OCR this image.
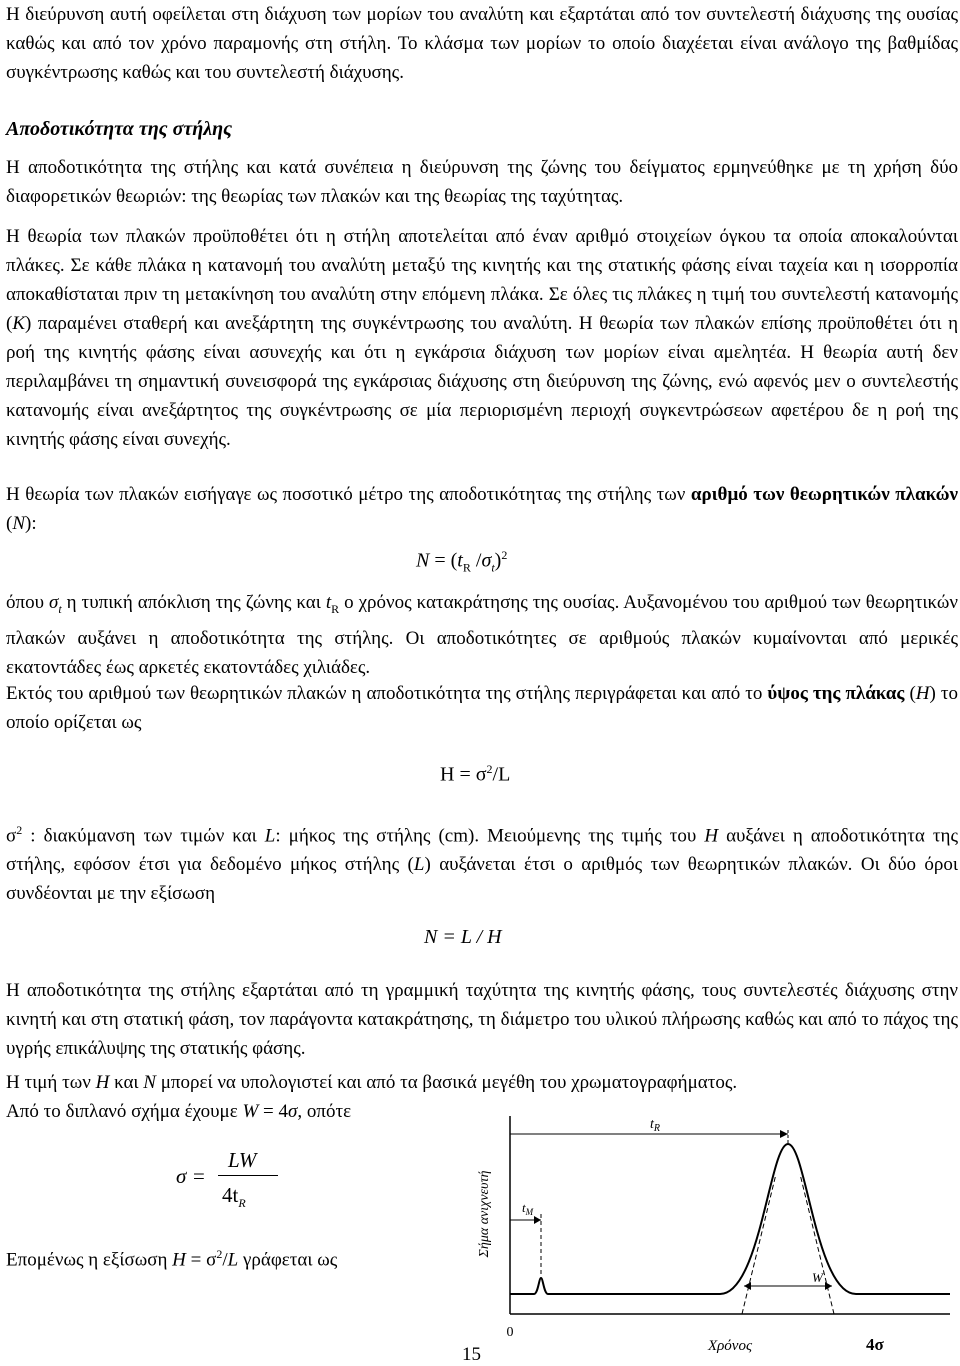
Η διεύρυνση αυτή οφείλεται στη διάχυση των μορίων του αναλύτη και εξαρτάται από τον συντελεστή διάχυσης της ουσίας καθώς και από τον χρόνο παραμονής στη στήλη. Το κλάσμα των μορίων το οποίο διαχέεται είναι ανάλογο της βαθμίδας συγκέντρωσης καθώς και του συντελεστή διάχυσης.

Αποδοτικότητα της στήλης

Η αποδοτικότητα της στήλης και κατά συνέπεια η διεύρυνση της ζώνης του δείγματος ερμηνεύθηκε με τη χρήση δύο διαφορετικών θεωριών: της θεωρίας των πλακών και της θεωρίας της ταχύτητας.

Η θεωρία των πλακών προϋποθέτει ότι η στήλη αποτελείται από έναν αριθμό στοιχείων όγκου τα οποία αποκαλούνται πλάκες. Σε κάθε πλάκα η κατανομή του αναλύτη μεταξύ της κινητής και της στατικής φάσης είναι ταχεία και η ισορροπία αποκαθίσταται πριν τη μετακίνηση του αναλύτη στην επόμενη πλάκα. Σε όλες τις πλάκες η τιμή του συντελεστή κατανομής (K) παραμένει σταθερή και ανεξάρτητη της συγκέντρωσης του αναλύτη. Η θεωρία των πλακών επίσης προϋποθέτει ότι η ροή της κινητής φάσης είναι ασυνεχής και ότι η εγκάρσια διάχυση των μορίων είναι αμελητέα. Η θεωρία αυτή δεν περιλαμβάνει τη σημαντική συνεισφορά της εγκάρσιας διάχυσης στη διεύρυνση της ζώνης, ενώ αφενός μεν ο συντελεστής κατανομής είναι ανεξάρτητος της συγκέντρωσης σε μία περιορισμένη περιοχή συγκεντρώσεων αφετέρου δε η ροή της κινητής φάσης είναι συνεχής.

Η θεωρία των πλακών εισήγαγε ως ποσοτικό μέτρο της αποδοτικότητας της στήλης των αριθμό των θεωρητικών πλακών (N):

$N = (t_R$ $/\sigma_t)^2$

όπου $\sigma_t$ η τυπική απόκλιση της ζώνης και $t_R$ ο χρόνος κατακράτησης της ουσίας. Αυξανομένου του αριθμού των θεωρητικών πλακών αυξάνει η αποδοτικότητα της στήλης. Οι αποδοτικότητες σε αριθμούς πλακών κυμαίνονται από μερικές εκατοντάδες έως αρκετές εκατοντάδες χιλιάδες.

Εκτός του αριθμού των θεωρητικών πλακών η αποδοτικότητα της στήλης περιγράφεται και από το ύψος της πλάκας (H) το οποίο ορίζεται ως

$H = \sigma^2/L$

$\sigma^2$ : διακύμανση των τιμών και L: μήκος της στήλης (cm). Μειούμενης της τιμής του H αυξάνει η αποδοτικότητα της στήλης, εφόσον έτσι για δεδομένο μήκος στήλης (L) αυξάνεται έτσι ο αριθμός των θεωρητικών πλακών. Οι δύο όροι συνδέονται με την εξίσωση

N = L / H

Η αποδοτικότητα της στήλης εξαρτάται από τη γραμμική ταχύτητα της κινητής φάσης, τους συντελεστές διάχυσης στην κινητή και στη στατική φάση, τον παράγοντα κατακράτησης, τη διάμετρο του υλικού πλήρωσης καθώς και από το πάχος της υγρής επικάλυψης της στατικής φάσης.

Η τιμή των H και N μπορεί να υπολογιστεί και από τα βασικά μεγέθη του χρωματογραφήματος.

Από το διπλανό σχήμα έχουμε W = 4σ, οπότε

σ =
LW
$4t_R$

Επομένως η εξίσωση $H = \sigma^2/L$ γράφεται ως

Σήμα ανιχνευτή
0
Χρόνος
$t_R$
$t_M$
W
4σ
15
